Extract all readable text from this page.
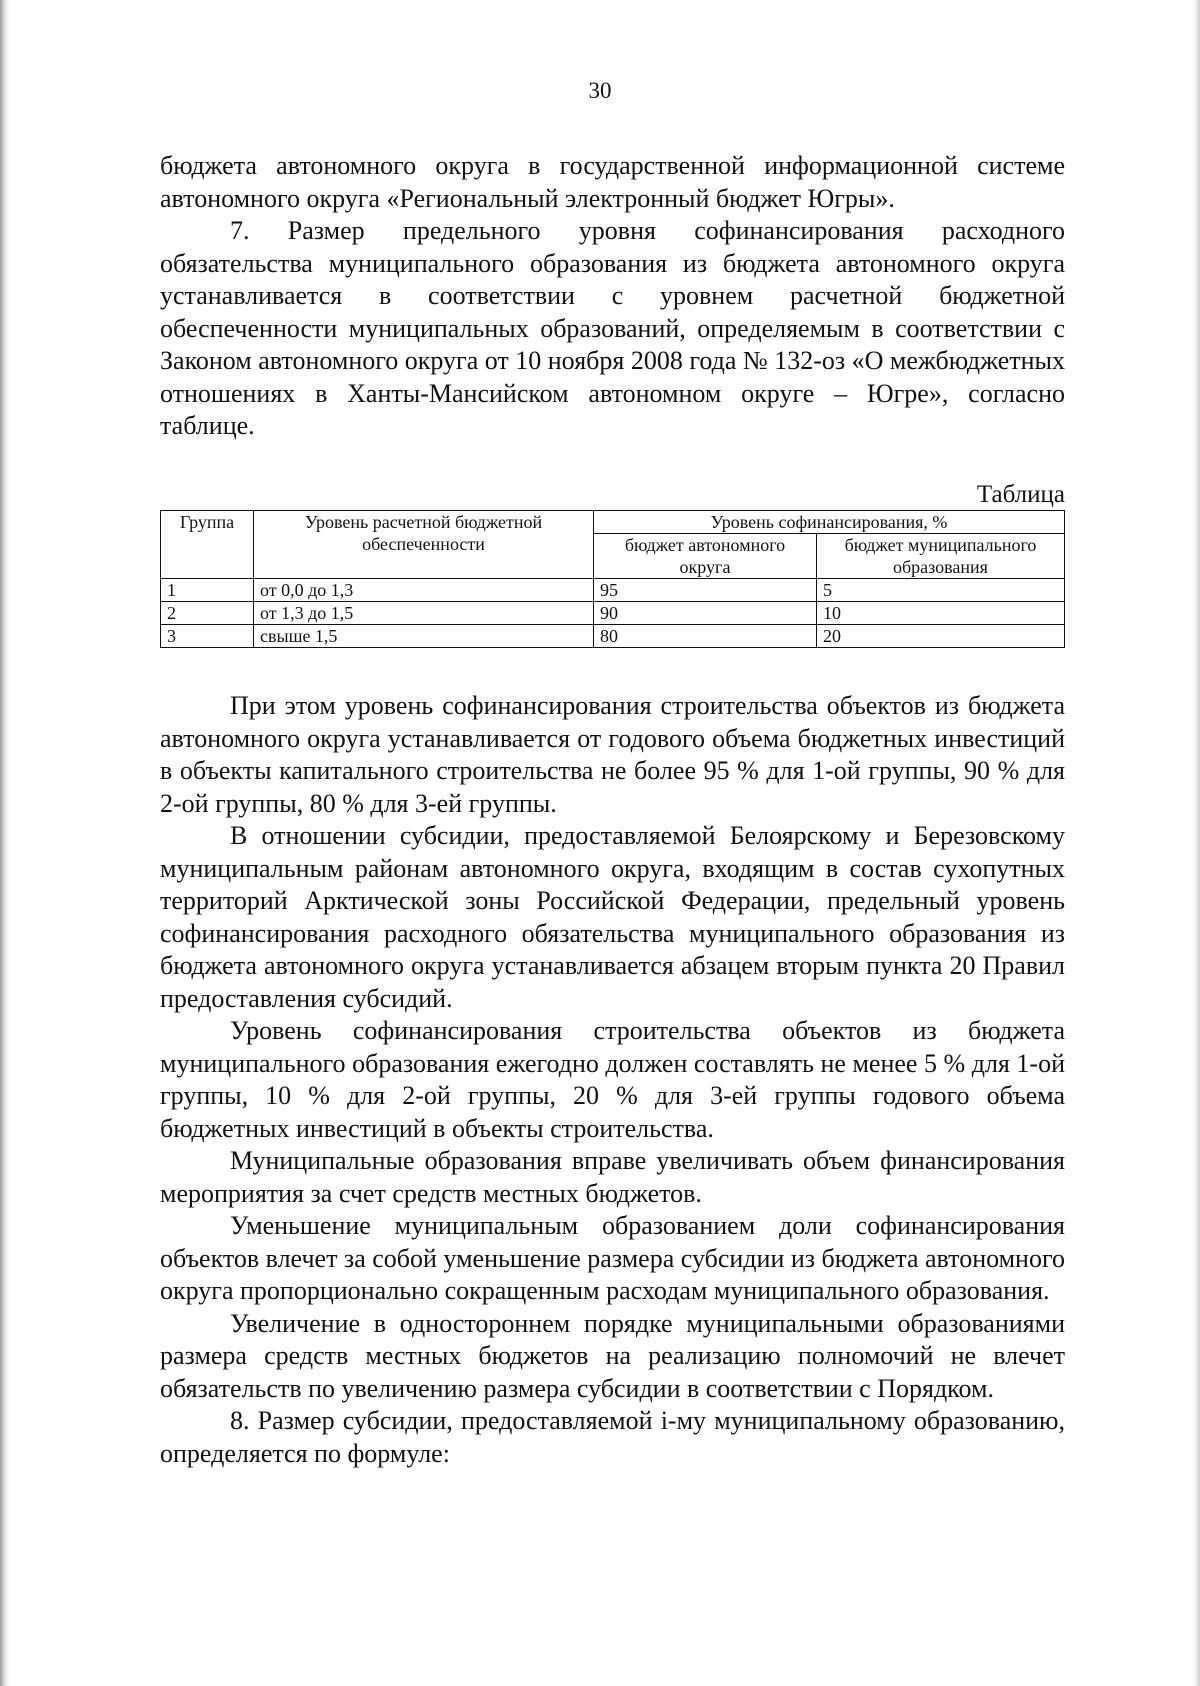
30

бюджета автономного округа в государственной информационной системе автономного округа «Региональный электронный бюджет Югры».

7. Размер предельного уровня софинансирования расходного обязательства муниципального образования из бюджета автономного округа устанавливается в соответствии с уровнем расчетной бюджетной обеспеченности муниципальных образований, определяемым в соответствии с Законом автономного округа от 10 ноября 2008 года № 132-оз «О межбюджетных отношениях в Ханты-Мансийском автономном округе – Югре», согласно таблице.

Таблица
Группа	Уровень расчетной бюджетной обеспеченности	Уровень софинансирования, %	
		бюджет автономного округа	бюджет муниципального образования
1	от 0,0 до 1,3	95	5
2	от 1,3 до 1,5	90	10
3	свыше 1,5	80	20

При этом уровень софинансирования строительства объектов из бюджета автономного округа устанавливается от годового объема бюджетных инвестиций в объекты капитального строительства не более 95 % для 1-ой группы, 90 % для 2-ой группы, 80 % для 3-ей группы.

В отношении субсидии, предоставляемой Белоярскому и Березовскому муниципальным районам автономного округа, входящим в состав сухопутных территорий Арктической зоны Российской Федерации, предельный уровень софинансирования расходного обязательства муниципального образования из бюджета автономного округа устанавливается абзацем вторым пункта 20 Правил предоставления субсидий.

Уровень софинансирования строительства объектов из бюджета муниципального образования ежегодно должен составлять не менее 5 % для 1-ой группы, 10 % для 2-ой группы, 20 % для 3-ей группы годового объема бюджетных инвестиций в объекты строительства.

Муниципальные образования вправе увеличивать объем финансирования мероприятия за счет средств местных бюджетов.

Уменьшение муниципальным образованием доли софинансирования объектов влечет за собой уменьшение размера субсидии из бюджета автономного округа пропорционально сокращенным расходам муниципального образования.

Увеличение в одностороннем порядке муниципальными образованиями размера средств местных бюджетов на реализацию полномочий не влечет обязательств по увеличению размера субсидии в соответствии с Порядком.

8. Размер субсидии, предоставляемой i-му муниципальному образованию, определяется по формуле:
